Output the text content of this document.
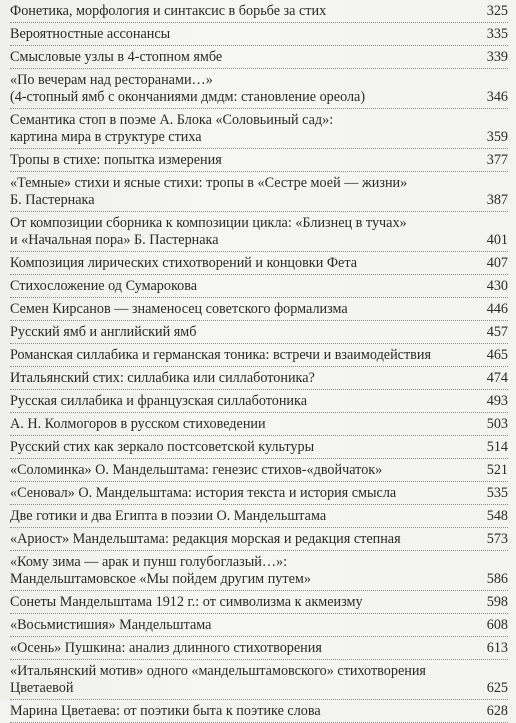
Фонетика, морфология и синтаксис в борьбе за стих	325
Вероятностные ассонансы	335
Смысловые узлы в 4-стопном ямбе	339
«По вечерам над ресторанами…»
(4-стопный ямб с окончаниями дмдм: становление ореола)	346
Семантика стоп в поэме А. Блока «Соловьиный сад»:
картина мира в структуре стиха	359
Тропы в стихе: попытка измерения	377
«Темные» стихи и ясные стихи: тропы в «Сестре моей — жизни»
Б. Пастернака	387
От композиции сборника к композиции цикла: «Близнец в тучах»
и «Начальная пора» Б. Пастернака	401
Композиция лирических стихотворений и концовки Фета	407
Стихосложение од Сумарокова	430
Семен Кирсанов — знаменосец советского формализма	446
Русский ямб и английский ямб	457
Романская силлабика и германская тоника: встречи и взаимодействия	465
Итальянский стих: силлабика или силлаботоника?	474
Русская силлабика и французская силлаботоника	493
А. Н. Колмогоров в русском стиховедении	503
Русский стих как зеркало постсоветской культуры	514
«Соломинка» О. Мандельштама: генезис стихов-«двойчаток»	521
«Сеновал» О. Мандельштама: история текста и история смысла	535
Две готики и два Египта в поэзии О. Мандельштама	548
«Ариост» Мандельштама: редакция морская и редакция степная	573
«Кому зима — арак и пунш голубоглазый…»:
Мандельштамовское «Мы пойдем другим путем»	586
Сонеты Мандельштама 1912 г.: от символизма к акмеизму	598
«Восьмистишия» Мандельштама	608
«Осень» Пушкина: анализ длинного стихотворения	613
«Итальянский мотив» одного «мандельштамовского» стихотворения
Цветаевой	625
Марина Цветаева: от поэтики быта к поэтике слова	628
